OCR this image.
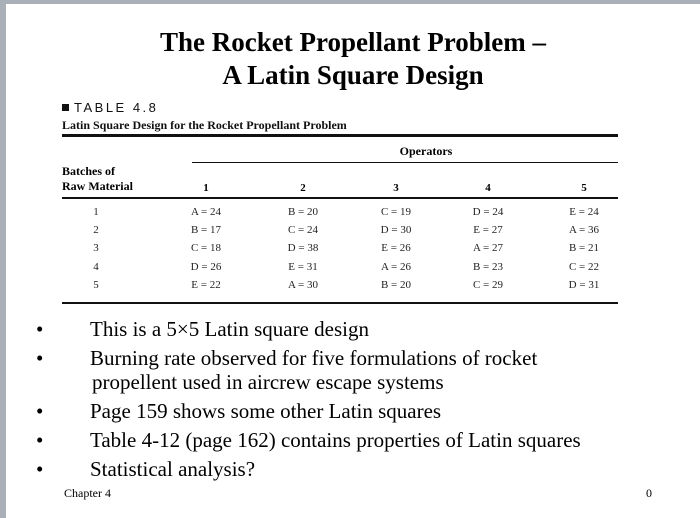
The Rocket Propellant Problem –
A Latin Square Design
TABLE 4.8
Latin Square Design for the Rocket Propellant Problem
Operators
Batches of
Raw Material	1	2	3	4	5
1	A = 24	B = 20	C = 19	D = 24	E = 24
2	B = 17	C = 24	D = 30	E = 27	A = 36
3	C = 18	D = 38	E = 26	A = 27	B = 21
4	D = 26	E = 31	A = 26	B = 23	C = 22
5	E = 22	A = 30	B = 20	C = 29	D = 31
• This is a 5×5 Latin square design
• Burning rate observed for five formulations of rocket
propellent used in aircrew escape systems
• Page 159 shows some other Latin squares
• Table 4-12 (page 162) contains properties of Latin squares
• Statistical analysis?
Chapter 4	0
